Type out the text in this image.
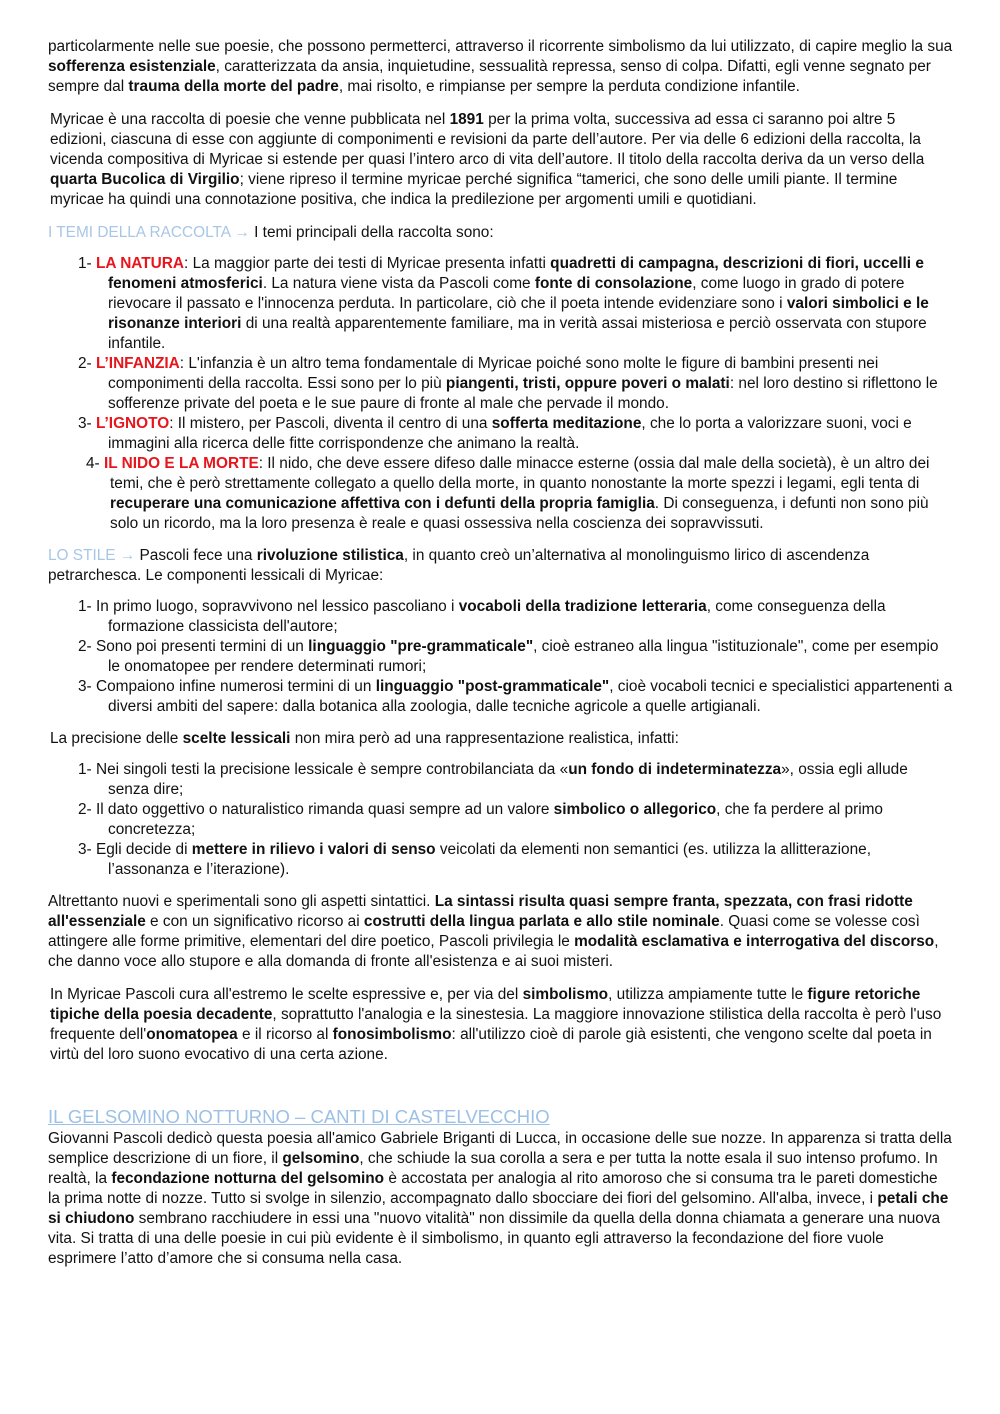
particolarmente nelle sue poesie, che possono permetterci, attraverso il ricorrente simbolismo da lui utilizzato, di capire meglio la sua sofferenza esistenziale, caratterizzata da ansia, inquietudine, sessualità repressa, senso di colpa. Difatti, egli venne segnato per sempre dal trauma della morte del padre, mai risolto, e rimpianse per sempre la perduta condizione infantile.

Myricae è una raccolta di poesie che venne pubblicata nel 1891 per la prima volta, successiva ad essa ci saranno poi altre 5 edizioni, ciascuna di esse con aggiunte di componimenti e revisioni da parte dell’autore. Per via delle 6 edizioni della raccolta, la vicenda compositiva di Myricae si estende per quasi l’intero arco di vita dell’autore. Il titolo della raccolta deriva da un verso della quarta Bucolica di Virgilio; viene ripreso il termine myricae perché significa “tamerici, che sono delle umili piante. Il termine myricae ha quindi una connotazione positiva, che indica la predilezione per argomenti umili e quotidiani.

I TEMI DELLA RACCOLTA → I temi principali della raccolta sono:

1- LA NATURA: La maggior parte dei testi di Myricae presenta infatti quadretti di campagna, descrizioni di fiori, uccelli e fenomeni atmosferici. La natura viene vista da Pascoli come fonte di consolazione, come luogo in grado di potere rievocare il passato e l'innocenza perduta. In particolare, ciò che il poeta intende evidenziare sono i valori simbolici e le risonanze interiori di una realtà apparentemente familiare, ma in verità assai misteriosa e perciò osservata con stupore infantile.
2- L’INFANZIA: L'infanzia è un altro tema fondamentale di Myricae poiché sono molte le figure di bambini presenti nei componimenti della raccolta. Essi sono per lo più piangenti, tristi, oppure poveri o malati: nel loro destino si riflettono le sofferenze private del poeta e le sue paure di fronte al male che pervade il mondo.
3- L’IGNOTO: Il mistero, per Pascoli, diventa il centro di una sofferta meditazione, che lo porta a valorizzare suoni, voci e immagini alla ricerca delle fitte corrispondenze che animano la realtà.
4- IL NIDO E LA MORTE: Il nido, che deve essere difeso dalle minacce esterne (ossia dal male della società), è un altro dei temi, che è però strettamente collegato a quello della morte, in quanto nonostante la morte spezzi i legami, egli tenta di recuperare una comunicazione affettiva con i defunti della propria famiglia. Di conseguenza, i defunti non sono più solo un ricordo, ma la loro presenza è reale e quasi ossessiva nella coscienza dei sopravvissuti.

LO STILE → Pascoli fece una rivoluzione stilistica, in quanto creò un’alternativa al monolinguismo lirico di ascendenza petrarchesca. Le componenti lessicali di Myricae:

1- In primo luogo, sopravvivono nel lessico pascoliano i vocaboli della tradizione letteraria, come conseguenza della formazione classicista dell'autore;
2- Sono poi presenti termini di un linguaggio "pre-grammaticale", cioè estraneo alla lingua "istituzionale", come per esempio le onomatopee per rendere determinati rumori;
3- Compaiono infine numerosi termini di un linguaggio "post-grammaticale", cioè vocaboli tecnici e specialistici appartenenti a diversi ambiti del sapere: dalla botanica alla zoologia, dalle tecniche agricole a quelle artigianali.

La precisione delle scelte lessicali non mira però ad una rappresentazione realistica, infatti:

1- Nei singoli testi la precisione lessicale è sempre controbilanciata da «un fondo di indeterminatezza», ossia egli allude senza dire;
2- Il dato oggettivo o naturalistico rimanda quasi sempre ad un valore simbolico o allegorico, che fa perdere al primo concretezza;
3- Egli decide di mettere in rilievo i valori di senso veicolati da elementi non semantici (es. utilizza la allitterazione, l’assonanza e l’iterazione).

Altrettanto nuovi e sperimentali sono gli aspetti sintattici. La sintassi risulta quasi sempre franta, spezzata, con frasi ridotte all'essenziale e con un significativo ricorso ai costrutti della lingua parlata e allo stile nominale. Quasi come se volesse così attingere alle forme primitive, elementari del dire poetico, Pascoli privilegia le modalità esclamativa e interrogativa del discorso, che danno voce allo stupore e alla domanda di fronte all'esistenza e ai suoi misteri.

In Myricae Pascoli cura all'estremo le scelte espressive e, per via del simbolismo, utilizza ampiamente tutte le figure retoriche tipiche della poesia decadente, soprattutto l'analogia e la sinestesia. La maggiore innovazione stilistica della raccolta è però l'uso frequente dell'onomatopea e il ricorso al fonosimbolismo: all'utilizzo cioè di parole già esistenti, che vengono scelte dal poeta in virtù del loro suono evocativo di una certa azione.

IL GELSOMINO NOTTURNO – CANTI DI CASTELVECCHIO

Giovanni Pascoli dedicò questa poesia all'amico Gabriele Briganti di Lucca, in occasione delle sue nozze. In apparenza si tratta della semplice descrizione di un fiore, il gelsomino, che schiude la sua corolla a sera e per tutta la notte esala il suo intenso profumo. In realtà, la fecondazione notturna del gelsomino è accostata per analogia al rito amoroso che si consuma tra le pareti domestiche la prima notte di nozze. Tutto si svolge in silenzio, accompagnato dallo sbocciare dei fiori del gelsomino. All'alba, invece, i petali che si chiudono sembrano racchiudere in essi una "nuovo vitalità" non dissimile da quella della donna chiamata a generare una nuova vita. Si tratta di una delle poesie in cui più evidente è il simbolismo, in quanto egli attraverso la fecondazione del fiore vuole esprimere l’atto d’amore che si consuma nella casa.
